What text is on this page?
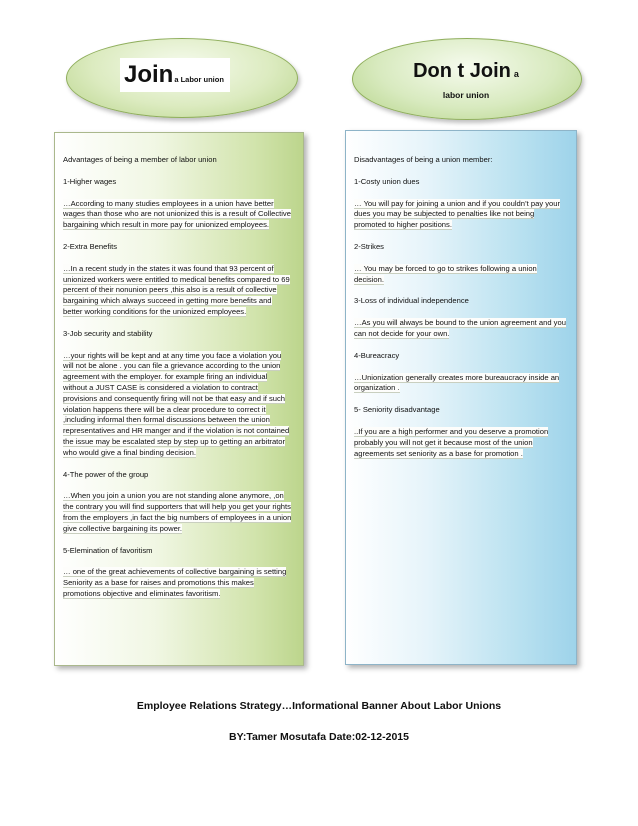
Join a Labor union	Don t Join a
labor union
Advantages of being a member of labor union
1-Higher wages
…According to many studies employees in a union have better wages than those who are not unionized this is a result of Collective bargaining which result in more pay for unionized employees.
2-Extra Benefits
…In a recent study in the states it was found that 93 percent of unionized workers were entitled to medical benefits compared to 69 percent of their nonunion peers ,this also is a result of collective bargaining which always succeed in getting more benefits and better working conditions for the unionized employees.
3-Job security and stability
…your rights will be kept and at any time you face a violation you will not be alone . you can file a grievance according to the union agreement with the employer. for example firing an individual without a JUST CASE is considered a violation to contract provisions and consequently firing will not be that easy and if such violation happens there will be a clear procedure to correct it ,including informal then formal discussions between the union representatives and HR manger and if the violation is not contained the issue may be escalated step by step up to getting an arbitrator who would give a final binding decision.
4-The power of the group
…When you join a union you are not standing alone anymore, ,on the contrary you will find supporters that will help you get your rights from the employers ,in fact the big numbers of employees in a union give collective bargaining its power.
5-Elemination of favoritism
… one of the great achievements of collective bargaining is setting Seniority as a base for raises and promotions this makes promotions objective and eliminates favoritism.
Disadvantages of being a union member:
1-Costy union dues
… You will pay for joining a union and if you couldn’t pay your dues you may be subjected to penalties like not being promoted to higher positions.
2-Strikes
… You may be forced to go to strikes following a union decision.
3-Loss of individual independence
…As you will always be bound to the union agreement and you can not decide for your own.
4-Bureacracy
…Unionization generally creates more bureaucracy inside an organization .
5- Seniority disadvantage
..If you are a high performer and you deserve a promotion probably you will not get it because most of the union agreements set seniority as a base for promotion .
Employee Relations Strategy…Informational Banner About Labor Unions
BY:Tamer Mosutafa Date:02-12-2015
